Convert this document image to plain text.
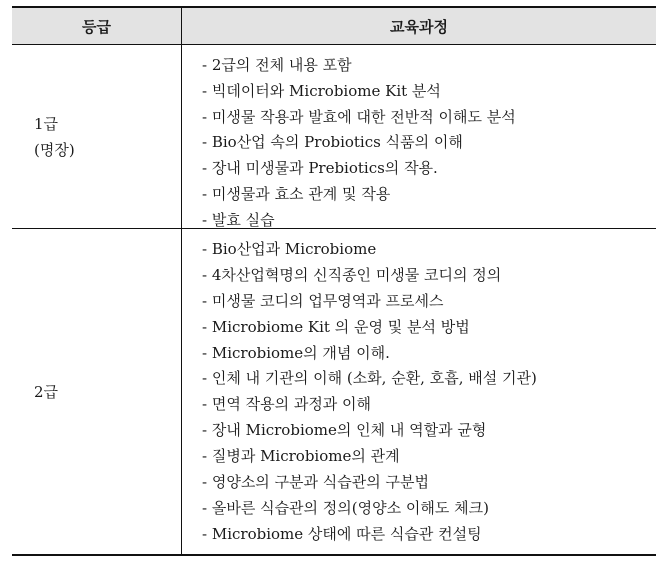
등급	교육과정
1급
(명장)
- 2급의 전체 내용 포함
- 빅데이터와 Microbiome Kit 분석
- 미생물 작용과 발효에 대한 전반적 이해도 분석
- Bio산업 속의 Probiotics 식품의 이해
- 장내 미생물과 Prebiotics의 작용.
- 미생물과 효소 관계 및 작용
- 발효 실습
2급
- Bio산업과 Microbiome
- 4차산업혁명의 신직종인 미생물 코디의 정의
- 미생물 코디의 업무영역과 프로세스
- Microbiome Kit 의 운영 및 분석 방법
- Microbiome의 개념 이해.
- 인체 내 기관의 이해 (소화, 순환, 호흡, 배설 기관)
- 면역 작용의 과정과 이해
- 장내 Microbiome의 인체 내 역할과 균형
- 질병과 Microbiome의 관계
- 영양소의 구분과 식습관의 구분법
- 올바른 식습관의 정의(영양소 이해도 체크)
- Microbiome 상태에 따른 식습관 컨설팅
